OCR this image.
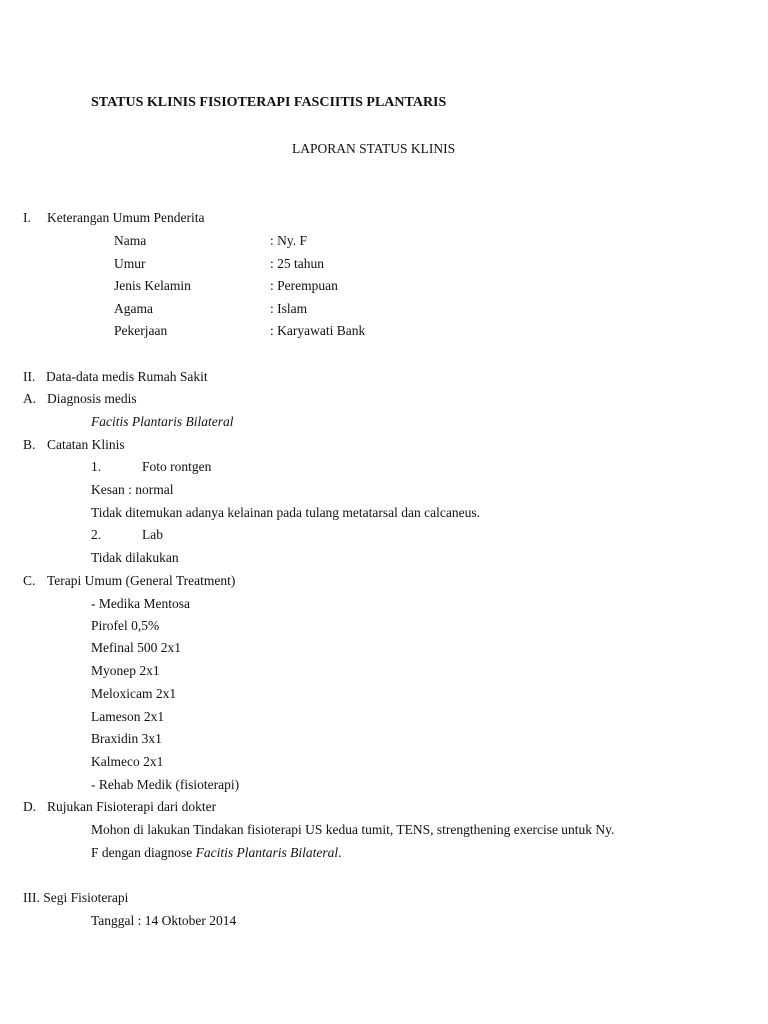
STATUS KLINIS FISIOTERAPI FASCIITIS PLANTARIS
LAPORAN STATUS KLINIS
I. Keterangan Umum Penderita
Nama	: Ny. F
Umur	: 25 tahun
Jenis Kelamin	: Perempuan
Agama	: Islam
Pekerjaan	: Karyawati Bank
II. Data-data medis Rumah Sakit
A. Diagnosis medis
Facitis Plantaris Bilateral
B. Catatan Klinis
1.	Foto rontgen
Kesan : normal
Tidak ditemukan adanya kelainan pada tulang metatarsal dan calcaneus.
2.	Lab
Tidak dilakukan
C. Terapi Umum (General Treatment)
- Medika Mentosa
Pirofel 0,5%
Mefinal 500 2x1
Myonep 2x1
Meloxicam 2x1
Lameson 2x1
Braxidin 3x1
Kalmeco 2x1
- Rehab Medik (fisioterapi)
D. Rujukan Fisioterapi dari dokter
Mohon di lakukan Tindakan fisioterapi US kedua tumit, TENS, strengthening exercise untuk Ny.
F dengan diagnose Facitis Plantaris Bilateral.
III. Segi Fisioterapi
Tanggal : 14 Oktober 2014
